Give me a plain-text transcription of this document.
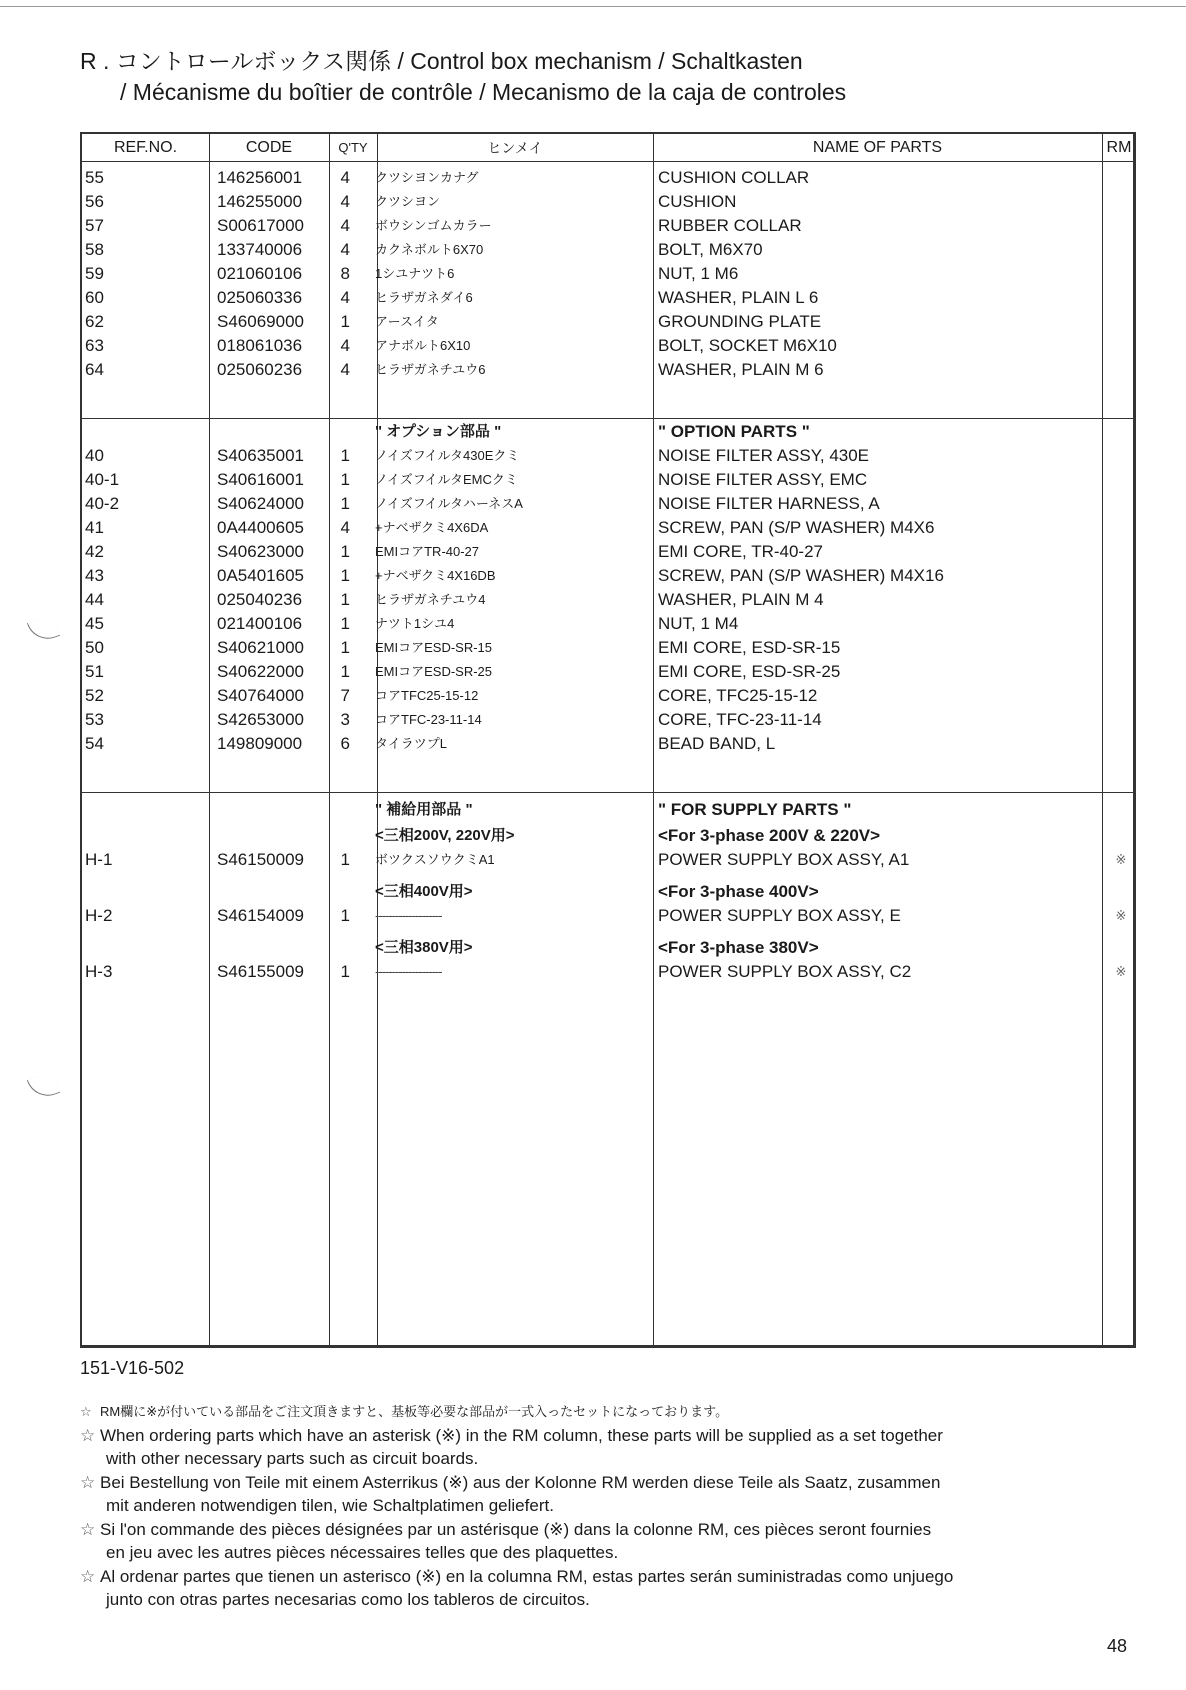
R . コントロールボックス関係 / Control box mechanism / Schaltkasten
/ Mécanisme du boîtier de contrôle / Mecanismo de la caja de controles
REF.NO.	CODE	Q'TY	ヒンメイ	NAME OF PARTS	RM
55	146256001	4 クツシヨンカナグ	CUSHION COLLAR
56	146255000	4 クツシヨン	CUSHION
57	S00617000	4 ボウシンゴムカラー	RUBBER COLLAR
58	133740006	4 カクネボルト6X70	BOLT, M6X70
59	021060106	8 1シユナツト6	NUT, 1 M6
60	025060336	4 ヒラザガネダイ6	WASHER, PLAIN L 6
62	S46069000	1 アースイタ	GROUNDING PLATE
63	018061036	4 アナボルト6X10	BOLT, SOCKET M6X10
64	025060236	4 ヒラザガネチユウ6	WASHER, PLAIN M 6
" オプション部品 "	" OPTION PARTS "
40	S40635001	1 ノイズフイルタ430Eクミ	NOISE FILTER ASSY, 430E
40-1	S40616001	1 ノイズフイルタEMCクミ	NOISE FILTER ASSY, EMC
40-2	S40624000	1 ノイズフイルタハーネスA	NOISE FILTER HARNESS, A
41	0A4400605	4 +ナベザクミ4X6DA	SCREW, PAN (S/P WASHER) M4X6
42	S40623000	1 EMIコアTR-40-27	EMI CORE, TR-40-27
43	0A5401605	1 +ナベザクミ4X16DB	SCREW, PAN (S/P WASHER) M4X16
44	025040236	1 ヒラザガネチユウ4	WASHER, PLAIN M 4
45	021400106	1 ナツト1シユ4	NUT, 1 M4
50	S40621000	1 EMIコアESD-SR-15	EMI CORE, ESD-SR-15
51	S40622000	1 EMIコアESD-SR-25	EMI CORE, ESD-SR-25
52	S40764000	7 コアTFC25-15-12	CORE, TFC25-15-12
53	S42653000	3 コアTFC-23-11-14	CORE, TFC-23-11-14
54	149809000	6 タイラツプL	BEAD BAND, L
" 補給用部品 "	" FOR SUPPLY PARTS "
<三相200V, 220V用>	<For 3-phase 200V & 220V>
H-1	S46150009	1 ボツクスソウクミA1	POWER SUPPLY BOX ASSY, A1	※
<三相400V用>	<For 3-phase 400V>
H-2	S46154009	1 --------------------	POWER SUPPLY BOX ASSY, E	※
<三相380V用>	<For 3-phase 380V>
H-3	S46155009	1 --------------------	POWER SUPPLY BOX ASSY, C2	※
151-V16-502
☆ RM欄に※が付いている部品をご注文頂きますと、基板等必要な部品が一式入ったセットになっております。
☆ When ordering parts which have an asterisk (※) in the RM column, these parts will be supplied as a set together
with other necessary parts such as circuit boards.
☆ Bei Bestellung von Teile mit einem Asterrikus (※) aus der Kolonne RM werden diese Teile als Saatz, zusammen
mit anderen notwendigen tilen, wie Schaltplatimen geliefert.
☆ Si l'on commande des pièces désignées par un astérisque (※) dans la colonne RM, ces pièces seront fournies
en jeu avec les autres pièces nécessaires telles que des plaquettes.
☆ Al ordenar partes que tienen un asterisco (※) en la columna RM, estas partes serán suministradas como unjuego
junto con otras partes necesarias como los tableros de circuitos.
48
